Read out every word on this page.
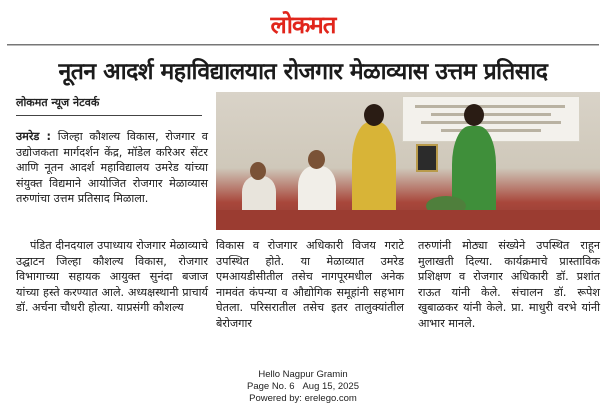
लोकमत
नूतन आदर्श महाविद्यालयात रोजगार मेळाव्यास उत्तम प्रतिसाद
लोकमत न्यूज नेटवर्क
उमरेड : जिल्हा कौशल्य विकास, रोजगार व उद्योजकता मार्गदर्शन केंद्र, मॉडेल करिअर सेंटर आणि नूतन आदर्श महाविद्यालय उमरेड यांच्या संयुक्त विद्यमाने आयोजित रोजगार मेळाव्यास तरुणांचा उत्तम प्रतिसाद मिळाला.
पंडित दीनदयाल उपाध्याय रोजगार मेळाव्याचे उद्घाटन जिल्हा कौशल्य विकास, रोजगार विभागाच्या सहायक आयुक्त सुनंदा बजाज यांच्या हस्ते करण्यात आले. अध्यक्षस्थानी प्राचार्य डॉ. अर्चना चौधरी होत्या. याप्रसंगी कौशल्य
विकास व रोजगार अधिकारी विजय गराटे उपस्थित होते. या मेळाव्यात उमरेड एमआयडीसीतील तसेच नागपूरमधील अनेक नामवंत कंपन्या व औद्योगिक समूहांनी सहभाग घेतला. परिसरातील तसेच इतर तालुक्यांतील बेरोजगार
तरुणांनी मोठ्या संख्येने उपस्थित राहून मुलाखती दिल्या. कार्यक्रमाचे प्रास्ताविक प्रशिक्षण व रोजगार अधिकारी डॉ. प्रशांत राऊत यांनी केले. संचालन डॉ. रूपेश खुबाळकर यांनी केले. प्रा. माधुरी वरभे यांनी आभार मानले.
Hello Nagpur Gramin
Page No. 6 Aug 15, 2025
Powered by: erelego.com
